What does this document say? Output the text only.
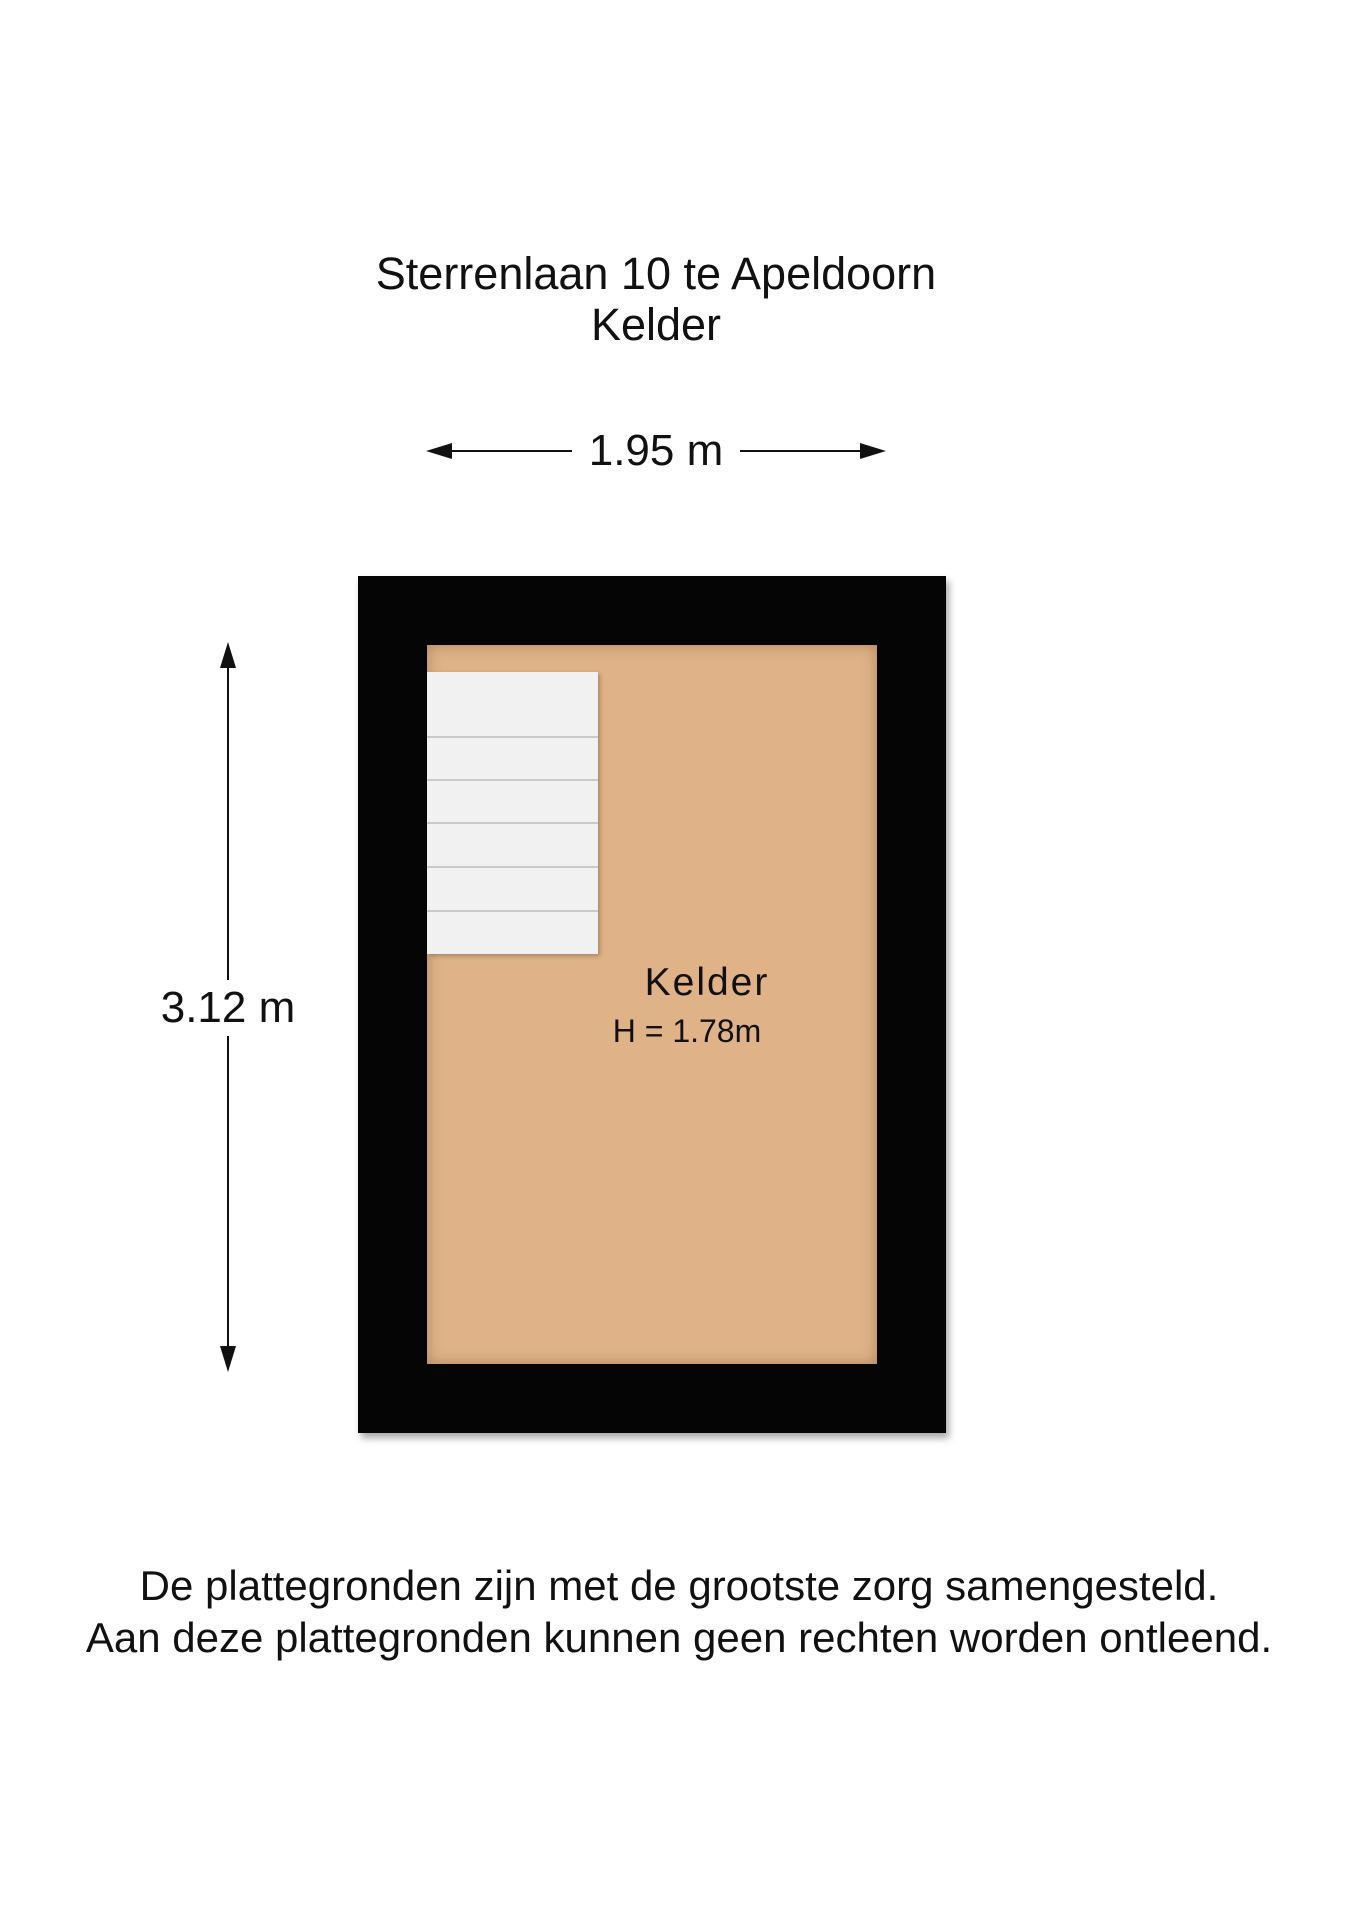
Sterrenlaan 10 te Apeldoorn
Kelder
1.95 m
3.12 m
Kelder
H = 1.78m
De plattegronden zijn met de grootste zorg samengesteld.
Aan deze plattegronden kunnen geen rechten worden ontleend.
